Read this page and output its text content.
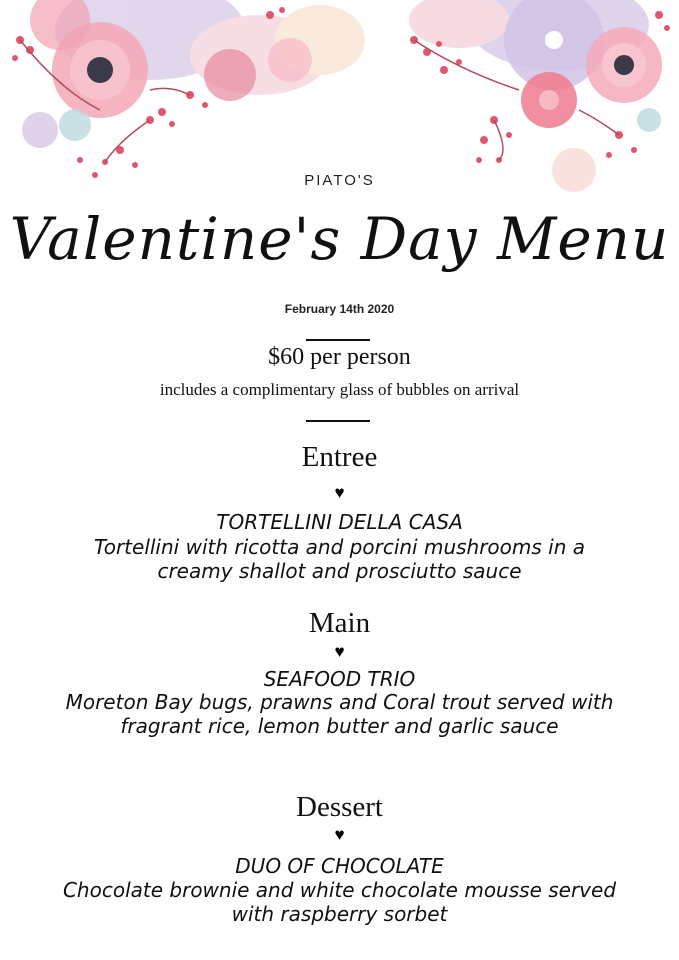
PIATO'S
Valentine's Day Menu
February 14th 2020
$60 per person
includes a complimentary glass of bubbles on arrival
Entree
♥
TORTELLINI DELLA CASA
Tortellini with ricotta and porcini mushrooms in a creamy shallot and prosciutto sauce
Main
♥
SEAFOOD TRIO
Moreton Bay bugs, prawns and Coral trout served with fragrant rice, lemon butter and garlic sauce
Dessert
♥
DUO OF CHOCOLATE
Chocolate brownie and white chocolate mousse served with raspberry sorbet
